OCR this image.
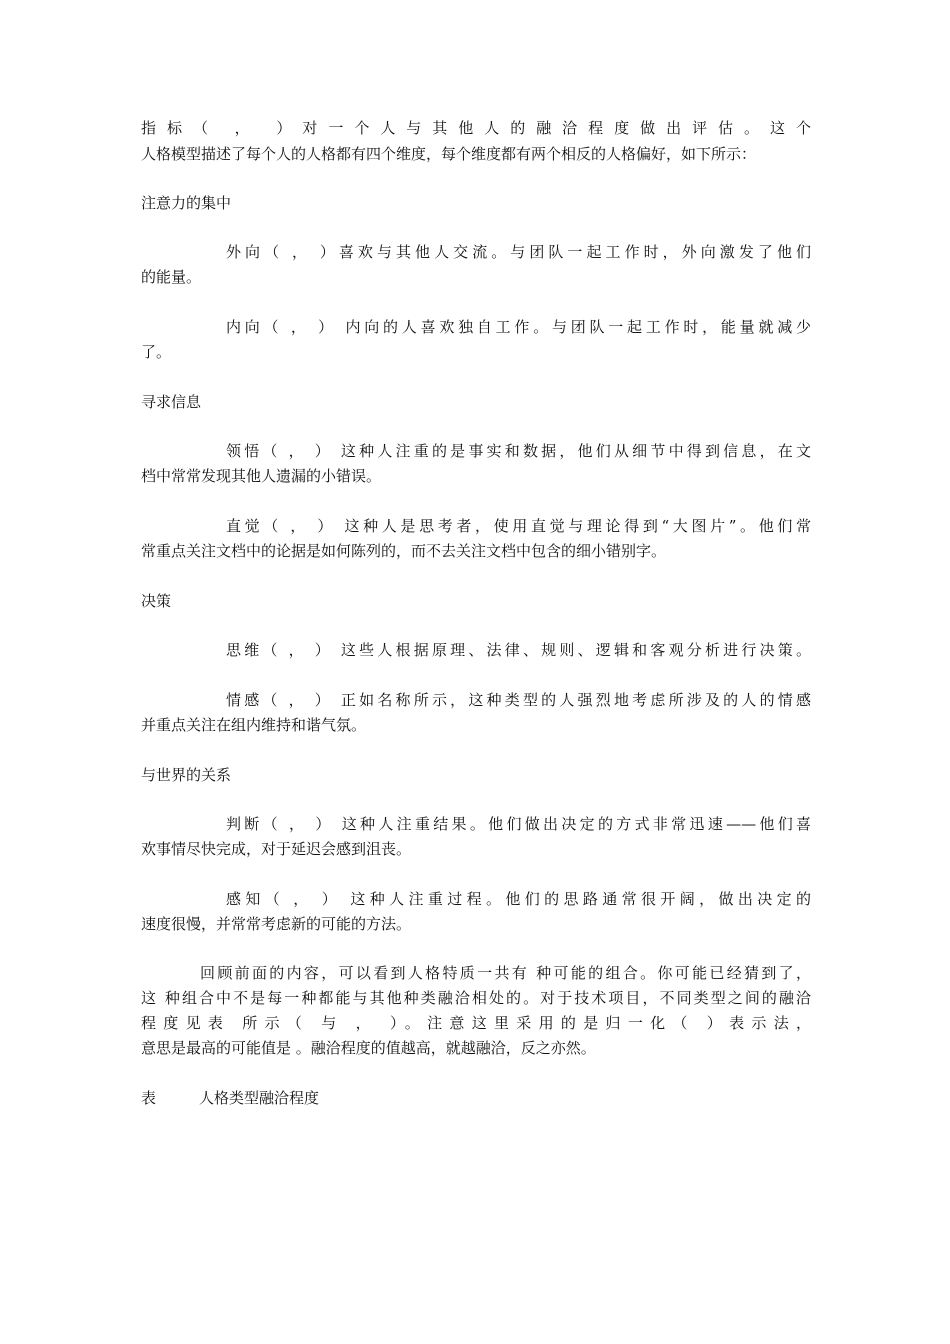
指标（ ， ）对一个人与其他人的融洽程度做出评估。这个
人格模型描述了每个人的人格都有四个维度，每个维度都有两个相反的人格偏好，如下所示：
注意力的集中
外向（ ， ）喜欢与其他人交流。与团队一起工作时，外向激发了他们
的能量。
内向（ ， ） 内向的人喜欢独自工作。与团队一起工作时，能量就减少
了。
寻求信息
领悟（ ， ） 这种人注重的是事实和数据，他们从细节中得到信息，在文
档中常常发现其他人遗漏的小错误。
直觉（ ， ） 这种人是思考者，使用直觉与理论得到“大图片”。他们常
常重点关注文档中的论据是如何陈列的，而不去关注文档中包含的细小错别字。
决策
思维（ ， ） 这些人根据原理、法律、规则、逻辑和客观分析进行决策。
情感（ ， ） 正如名称所示，这种类型的人强烈地考虑所涉及的人的情感
并重点关注在组内维持和谐气氛。
与世界的关系
判断（ ， ） 这种人注重结果。他们做出决定的方式非常迅速——他们喜
欢事情尽快完成，对于延迟会感到沮丧。
感知（ ， ） 这种人注重过程。他们的思路通常很开阔，做出决定的
速度很慢，并常常考虑新的可能的方法。
回顾前面的内容，可以看到人格特质一共有 种可能的组合。你可能已经猜到了，
这 种组合中不是每一种都能与其他种类融洽相处的。对于技术项目，不同类型之间的融洽
程度见表 所示（ 与 ， ）。注意这里采用的是归一化（ ）表示法，
意思是最高的可能值是 。融洽程度的值越高，就越融洽，反之亦然。
表	人格类型融洽程度
